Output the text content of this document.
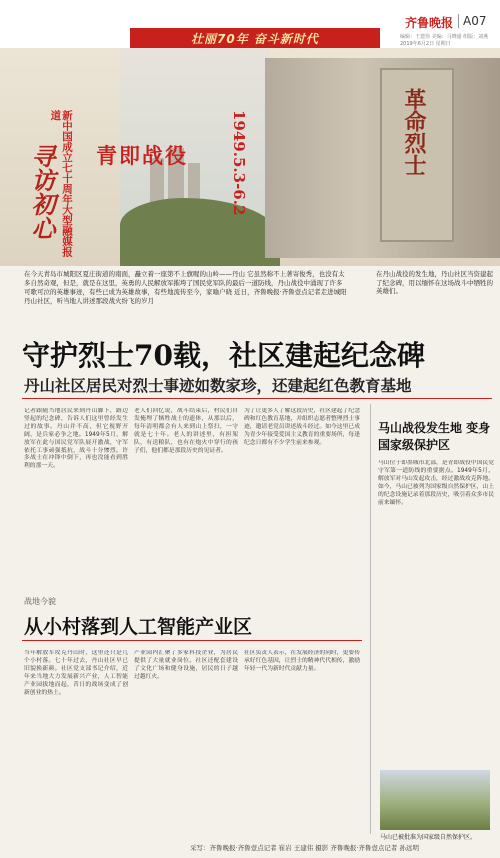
壮丽70年 奋斗新时代
齐鲁晚报 A07
编辑：王建伟 美编：马晓通 组版：刘燕 2019年6月2日 星期日
革命烈士
新中国成立七十周年大型融媒报道
寻访初心 青即战役	1949.5.3-6.2
在今天青岛市城阳区夏庄街道的南面，矗立着一座第不上旗喔的山岭——丹山 它虽然称不上著寄俊秀，也没有太多自然奇观，但是，就是在这里，英勇的人民解放军摧垮了国民党军队的最后一道防线，丹山战役中涌现了许多可歌可泣的英雄事迹，有些已成为英雄故事，有些地流传至今，家喻户晓 近日，齐鲁晚报·齐鲁壹点记者走进城阳丹山社区，听当地人讲述那段战火纷飞的岁月
在丹山战役的发生地，丹山社区当资建起了纪念碑，用以缅怀在这场战斗中牺牲的英雄们。
守护烈士70载，社区建起纪念碑
丹山社区居民对烈士事迹如数家珍，还建起红色教育基地
记者跟随当地居民来到丹山脚下，路边竖起的纪念碑，告诉人们这里曾经发生过的故事。丹山并不高，但它视野开阔，是兵家必争之地。1949年5月，解放军在此与国民党军队展开激战，守军依托工事顽强抵抗，战斗十分惨烈。许多战士在冲锋中倒下，再也没能看到胜利的那一天。
老人们回忆说，战斗结束后，村民们自发掩埋了牺牲战士的遗体，从那以后，每年清明都会有人来到山上祭扫，一守就是七十年。老人的讲述里，有担架队，有送粮队，也有在炮火中穿行的孩子们，他们都是那段历史的见证者。
为了让更多人了解这段历史，社区建起了纪念碑和红色教育基地，并组织志愿者整理烈士事迹，邀请老党员讲述战斗经过。如今这里已成为青少年接受爱国主义教育的重要场所，每逢纪念日都有不少学生前来参观。
马山战役发生地 变身国家级保护区
马山位于即墨城市北部，是青即战役中国民党守军第一道防线的重要据点。1949年5月，解放军对马山发起攻击，经过激战攻克阵地。如今，马山已被列为国家级自然保护区，山上的纪念设施记录着那段历史，吸引着众多市民前来缅怀。
战地今貌
从小村落到人工智能产业区
当年解放军攻克丹山时，这里还只是几个小村落。七十年过去，丹山社区早已旧貌换新颜。社区党支部书记介绍，近年来当地大力发展新兴产业，人工智能产业园拔地而起，昔日的战场变成了创新创业的热土。
产业园内汇聚了多家科技企业，为居民提供了大量就业岗位。社区还配套建设了文化广场和健身设施，居民的日子越过越红火。
社区负责人表示，在发展经济的同时，更要传承好红色基因，让烈士的精神代代相传，激励年轻一代为新时代贡献力量。
马山已被批准为国家级自然保护区。
采写：齐鲁晚报·齐鲁壹点记者 崔岩 王建伟 摄影 齐鲁晚报·齐鲁壹点记者 孙远明
